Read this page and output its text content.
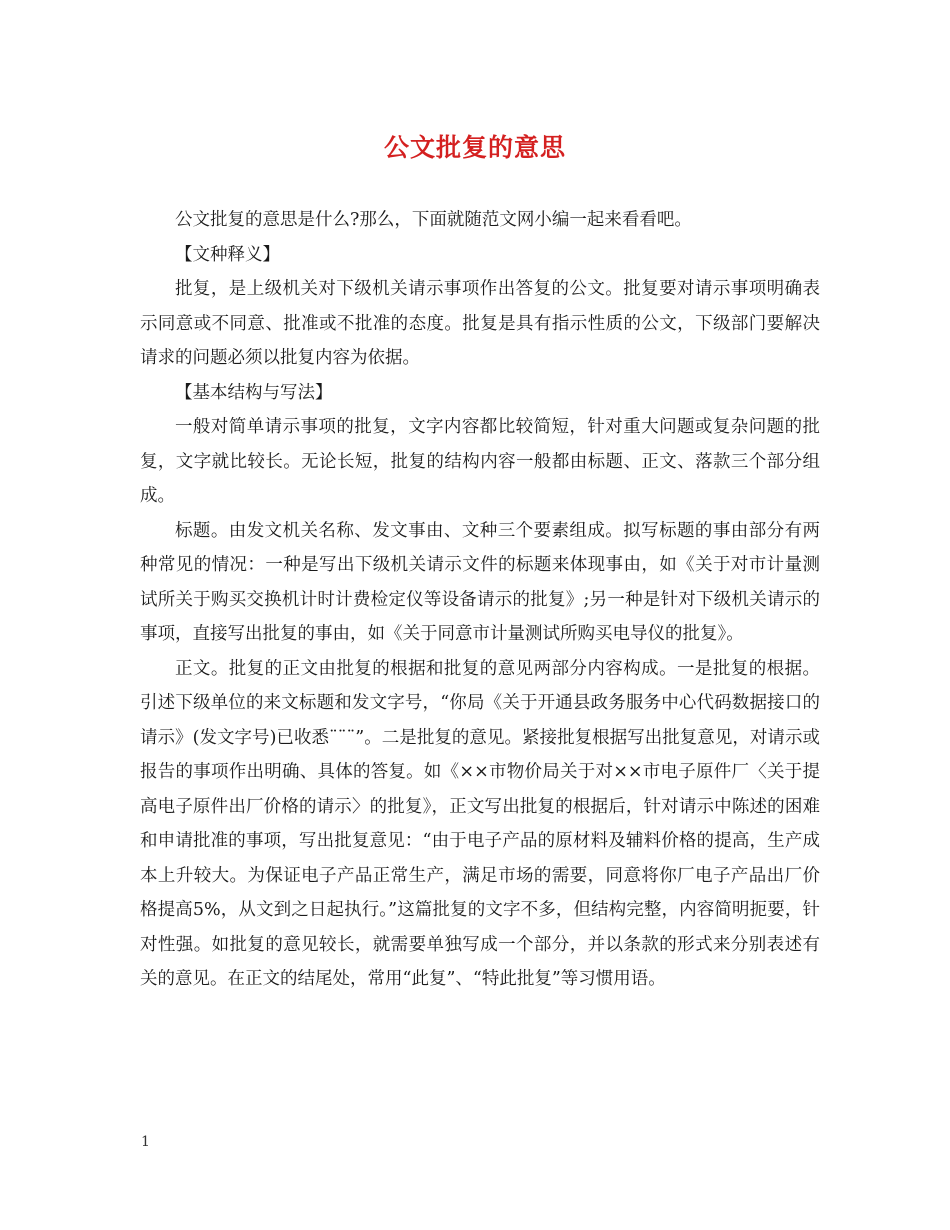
公文批复的意思

公文批复的意思是什么?那么，下面就随范文网小编一起来看看吧。

【文种释义】

批复，是上级机关对下级机关请示事项作出答复的公文。批复要对请示事项明确表示同意或不同意、批准或不批准的态度。批复是具有指示性质的公文，下级部门要解决请求的问题必须以批复内容为依据。

【基本结构与写法】

一般对简单请示事项的批复，文字内容都比较简短，针对重大问题或复杂问题的批复，文字就比较长。无论长短，批复的结构内容一般都由标题、正文、落款三个部分组成。

标题。由发文机关名称、发文事由、文种三个要素组成。拟写标题的事由部分有两种常见的情况：一种是写出下级机关请示文件的标题来体现事由，如《关于对市计量测试所关于购买交换机计时计费检定仪等设备请示的批复》;另一种是针对下级机关请示的事项，直接写出批复的事由，如《关于同意市计量测试所购买电导仪的批复》。

正文。批复的正文由批复的根据和批复的意见两部分内容构成。一是批复的根据。引述下级单位的来文标题和发文字号，“你局《关于开通县政务服务中心代码数据接口的请示》(发文字号)已收悉¨¨¨”。二是批复的意见。紧接批复根据写出批复意见，对请示或报告的事项作出明确、具体的答复。如《××市物价局关于对××市电子原件厂〈关于提高电子原件出厂价格的请示〉的批复》，正文写出批复的根据后，针对请示中陈述的困难和申请批准的事项，写出批复意见：“由于电子产品的原材料及辅料价格的提高，生产成本上升较大。为保证电子产品正常生产，满足市场的需要，同意将你厂电子产品出厂价格提高5%，从文到之日起执行。”这篇批复的文字不多，但结构完整，内容简明扼要，针对性强。如批复的意见较长，就需要单独写成一个部分，并以条款的形式来分别表述有关的意见。在正文的结尾处，常用“此复”、“特此批复”等习惯用语。

1
